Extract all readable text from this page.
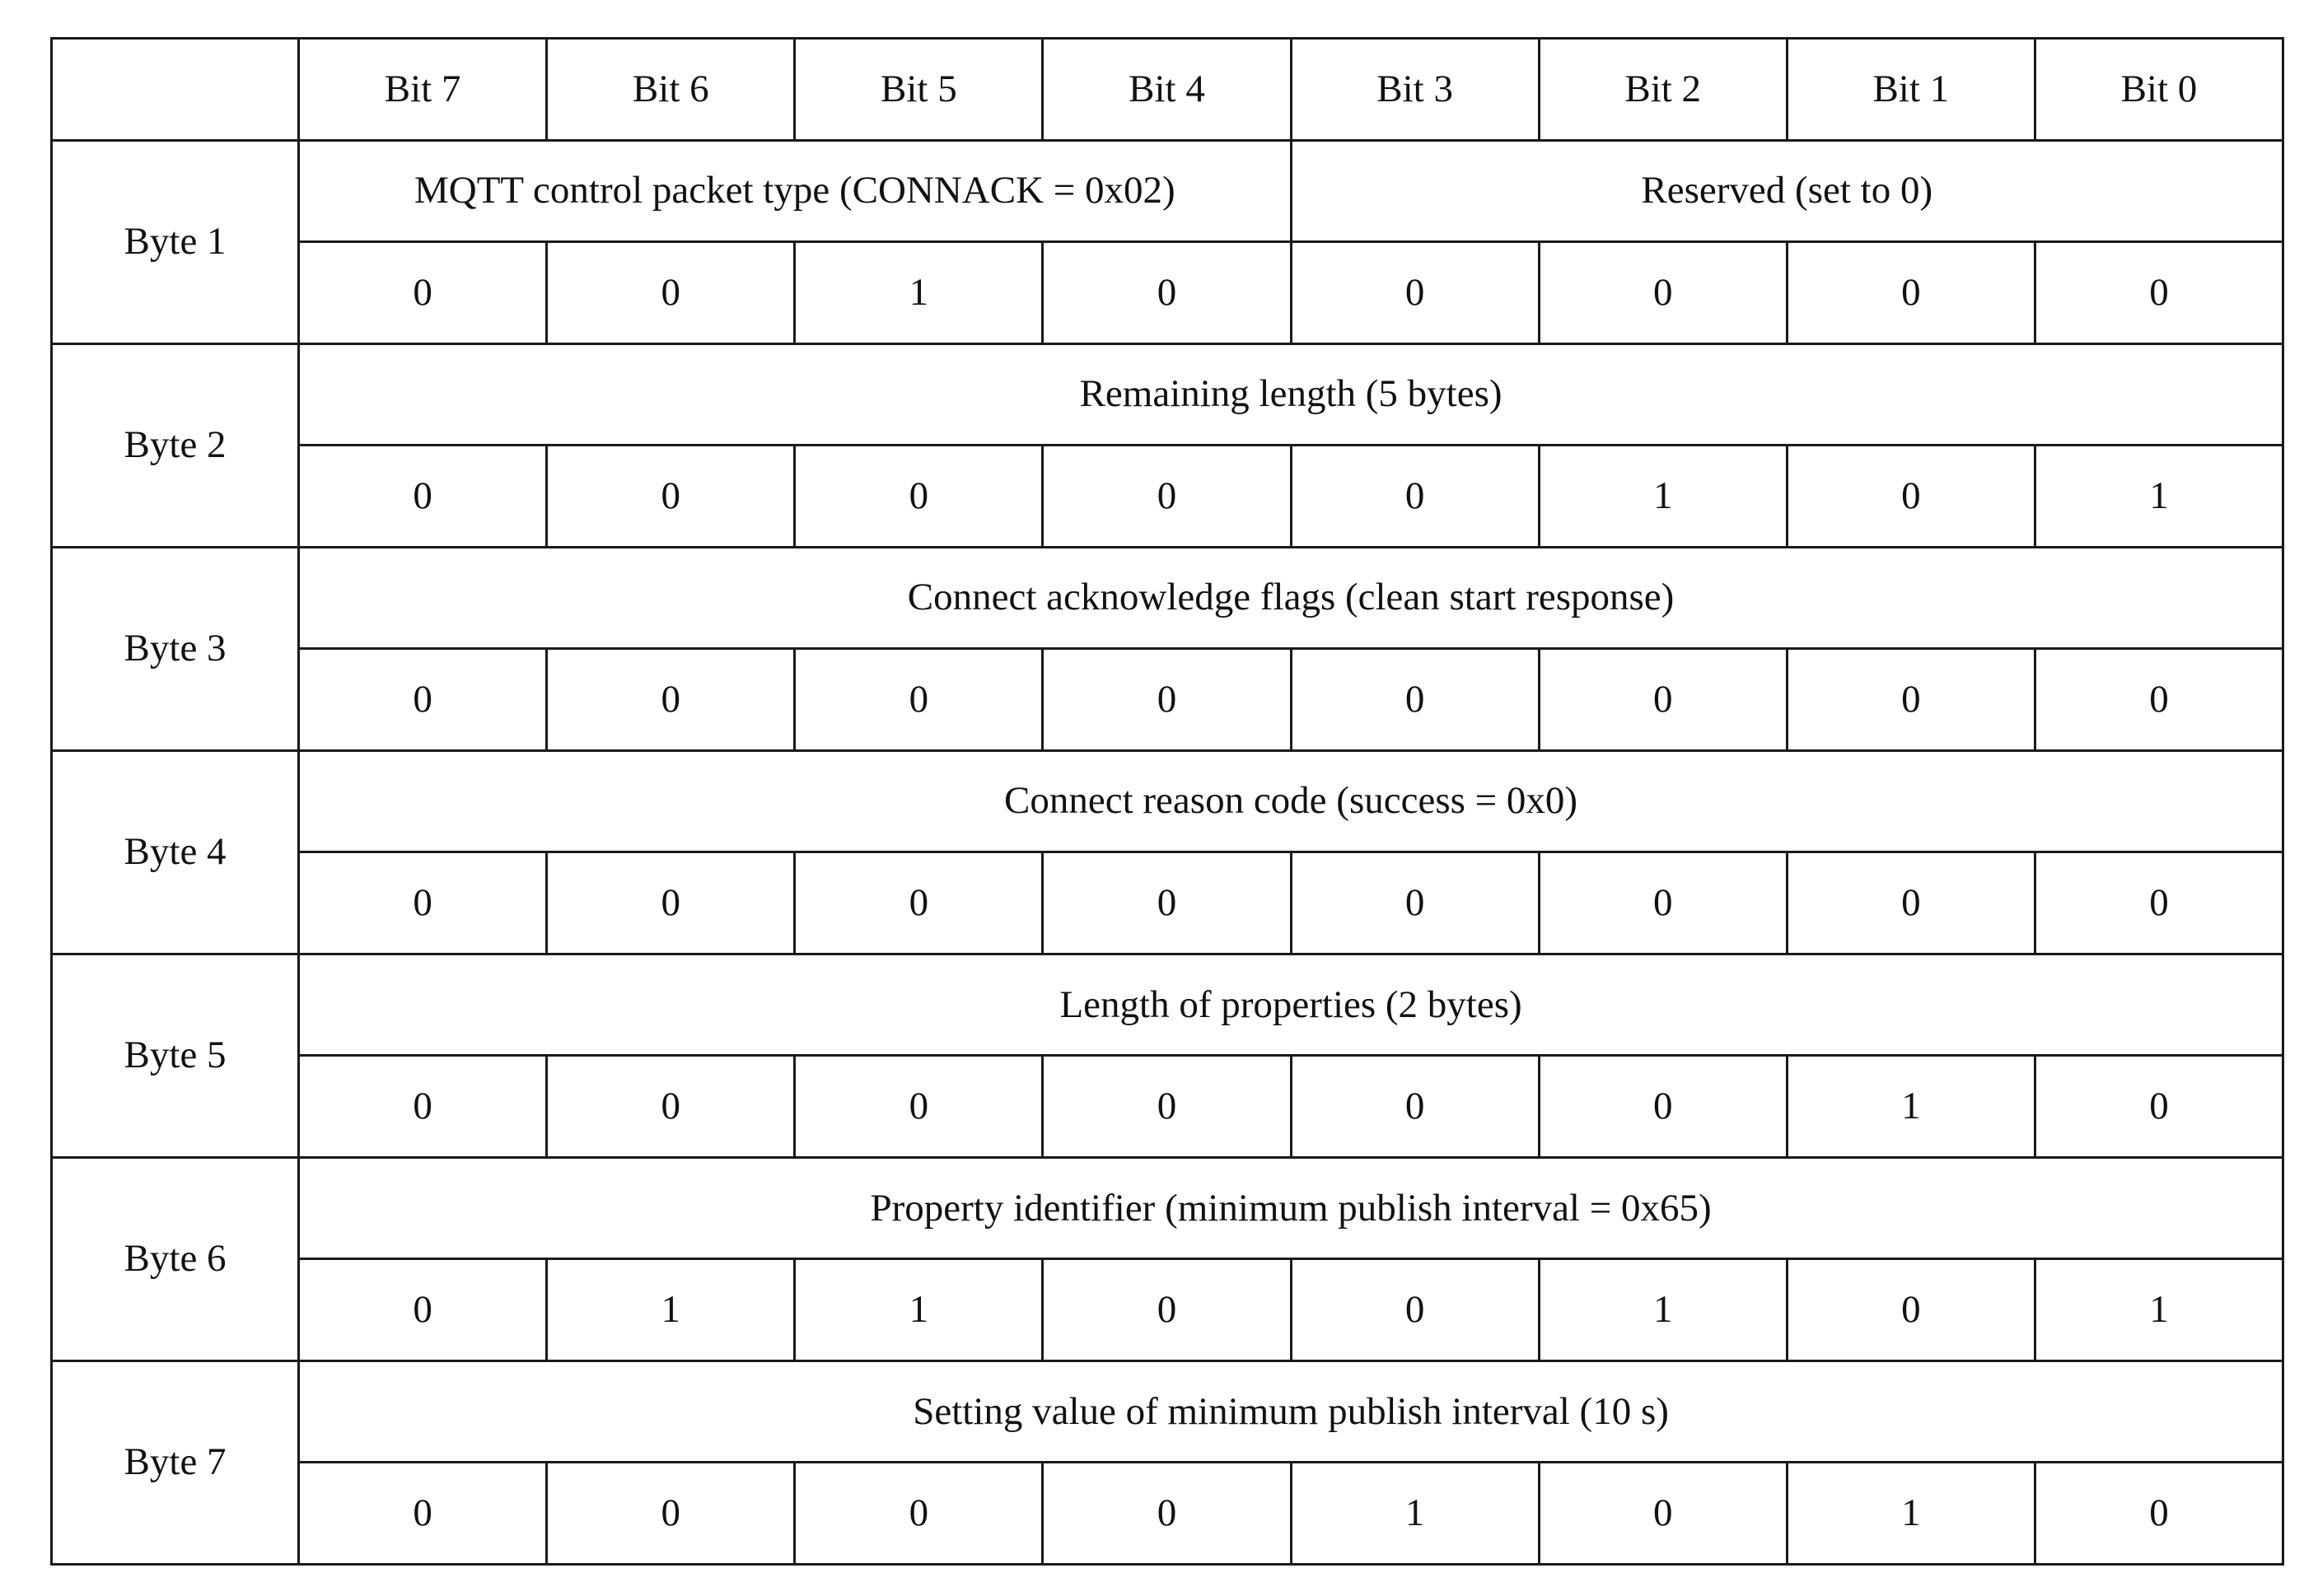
	Bit 7	Bit 6	Bit 5	Bit 4	Bit 3	Bit 2	Bit 1	Bit 0
Byte 1	MQTT control packet type (CONNACK = 0x02)				Reserved (set to 0)			
	0	0	1	0	0	0	0	0
Byte 2	Remaining length (5 bytes)							
	0	0	0	0	0	1	0	1
Byte 3	Connect acknowledge flags (clean start response)							
	0	0	0	0	0	0	0	0
Byte 4	Connect reason code (success = 0x0)							
	0	0	0	0	0	0	0	0
Byte 5	Length of properties (2 bytes)							
	0	0	0	0	0	0	1	0
Byte 6	Property identifier (minimum publish interval = 0x65)							
	0	1	1	0	0	1	0	1
Byte 7	Setting value of minimum publish interval (10 s)							
	0	0	0	0	1	0	1	0
